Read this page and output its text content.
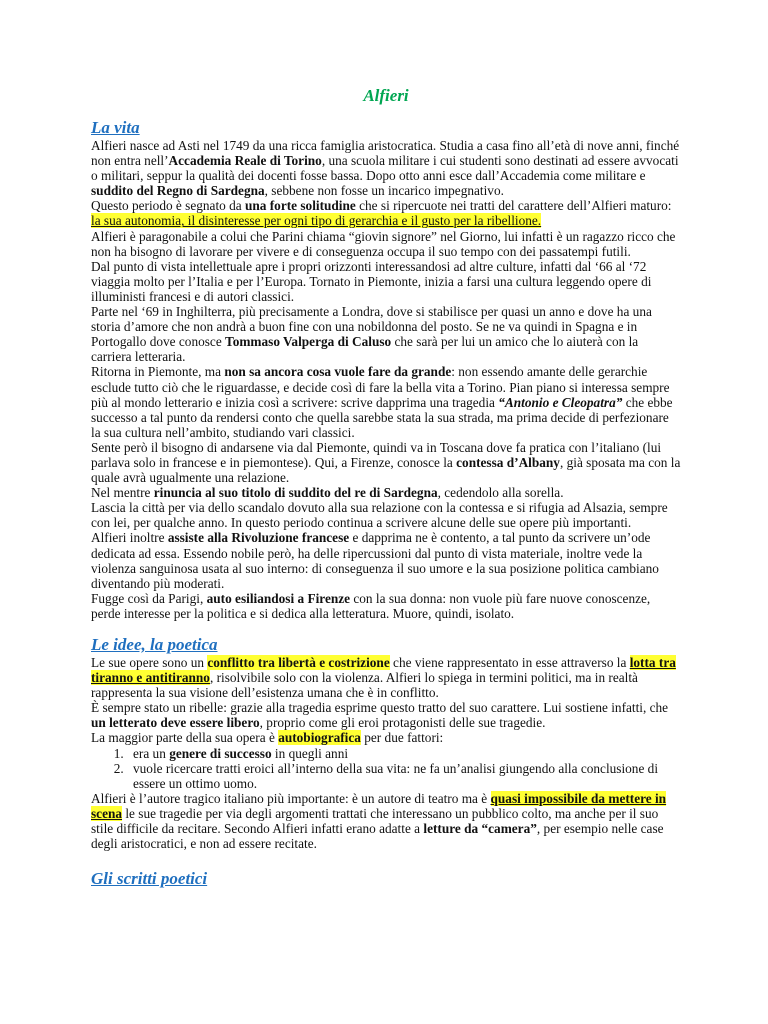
Alfieri
La vita

Alfieri nasce ad Asti nel 1749 da una ricca famiglia aristocratica. Studia a casa fino all’età di nove anni, finché non entra nell’Accademia Reale di Torino, una scuola militare i cui studenti sono destinati ad essere avvocati o militari, seppur la qualità dei docenti fosse bassa. Dopo otto anni esce dall’Accademia come militare e suddito del Regno di Sardegna, sebbene non fosse un incarico impegnativo.

Questo periodo è segnato da una forte solitudine che si ripercuote nei tratti del carattere dell’Alfieri maturo: la sua autonomia, il disinteresse per ogni tipo di gerarchia e il gusto per la ribellione.

Alfieri è paragonabile a colui che Parini chiama “giovin signore” nel Giorno, lui infatti è un ragazzo ricco che non ha bisogno di lavorare per vivere e di conseguenza occupa il suo tempo con dei passatempi futili.

Dal punto di vista intellettuale apre i propri orizzonti interessandosi ad altre culture, infatti dal ‘66 al ‘72 viaggia molto per l’Italia e per l’Europa. Tornato in Piemonte, inizia a farsi una cultura leggendo opere di illuministi francesi e di autori classici.

Parte nel ‘69 in Inghilterra, più precisamente a Londra, dove si stabilisce per quasi un anno e dove ha una storia d’amore che non andrà a buon fine con una nobildonna del posto. Se ne va quindi in Spagna e in Portogallo dove conosce Tommaso Valperga di Caluso che sarà per lui un amico che lo aiuterà con la carriera letteraria.

Ritorna in Piemonte, ma non sa ancora cosa vuole fare da grande: non essendo amante delle gerarchie esclude tutto ciò che le riguardasse, e decide così di fare la bella vita a Torino. Pian piano si interessa sempre più al mondo letterario e inizia così a scrivere: scrive dapprima una tragedia “Antonio e Cleopatra” che ebbe successo a tal punto da rendersi conto che quella sarebbe stata la sua strada, ma prima decide di perfezionare la sua cultura nell’ambito, studiando vari classici.

Sente però il bisogno di andarsene via dal Piemonte, quindi va in Toscana dove fa pratica con l’italiano (lui parlava solo in francese e in piemontese). Qui, a Firenze, conosce la contessa d’Albany, già sposata ma con la quale avrà ugualmente una relazione.

Nel mentre rinuncia al suo titolo di suddito del re di Sardegna, cedendolo alla sorella.

Lascia la città per via dello scandalo dovuto alla sua relazione con la contessa e si rifugia ad Alsazia, sempre con lei, per qualche anno. In questo periodo continua a scrivere alcune delle sue opere più importanti.

Alfieri inoltre assiste alla Rivoluzione francese e dapprima ne è contento, a tal punto da scrivere un’ode dedicata ad essa. Essendo nobile però, ha delle ripercussioni dal punto di vista materiale, inoltre vede la violenza sanguinosa usata al suo interno: di conseguenza il suo umore e la sua posizione politica cambiano diventando più moderati.

Fugge così da Parigi, auto esiliandosi a Firenze con la sua donna: non vuole più fare nuove conoscenze, perde interesse per la politica e si dedica alla letteratura. Muore, quindi, isolato.

Le idee, la poetica

Le sue opere sono un conflitto tra libertà e costrizione che viene rappresentato in esse attraverso la lotta tra tiranno e antitiranno, risolvibile solo con la violenza. Alfieri lo spiega in termini politici, ma in realtà rappresenta la sua visione dell’esistenza umana che è in conflitto.

È sempre stato un ribelle: grazie alla tragedia esprime questo tratto del suo carattere. Lui sostiene infatti, che un letterato deve essere libero, proprio come gli eroi protagonisti delle sue tragedie.

La maggior parte della sua opera è autobiografica per due fattori:

1. era un genere di successo in quegli anni
2. vuole ricercare tratti eroici all’interno della sua vita: ne fa un’analisi giungendo alla conclusione di essere un ottimo uomo.

Alfieri è l’autore tragico italiano più importante: è un autore di teatro ma è quasi impossibile da mettere in scena le sue tragedie per via degli argomenti trattati che interessano un pubblico colto, ma anche per il suo stile difficile da recitare. Secondo Alfieri infatti erano adatte a letture da “camera”, per esempio nelle case degli aristocratici, e non ad essere recitate.

Gli scritti poetici
